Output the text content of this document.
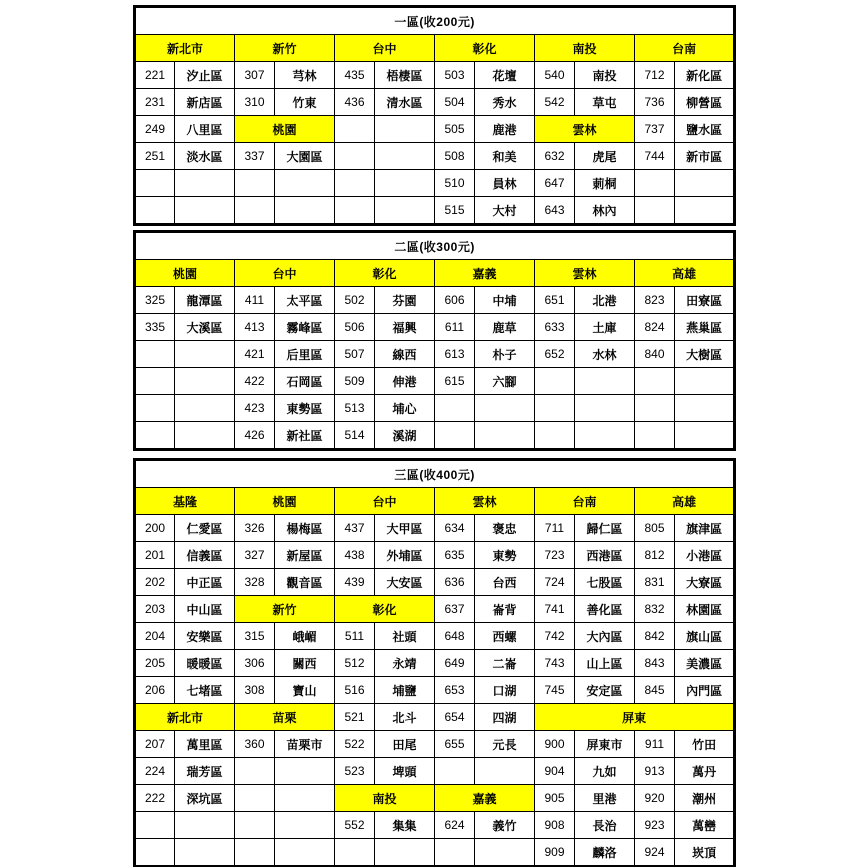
一區(收200元)											
新北市		新竹		台中		彰化		南投		台南	
221	汐止區	307	芎林	435	梧棲區	503	花壇	540	南投	712	新化區
231	新店區	310	竹東	436	清水區	504	秀水	542	草屯	736	柳營區
249	八里區	桃園				505	鹿港	雲林		737	鹽水區
251	淡水區	337	大園區			508	和美	632	虎尾	744	新市區
						510	員林	647	莿桐		
						515	大村	643	林內		
二區(收300元)											
桃園		台中		彰化		嘉義		雲林		高雄	
325	龍潭區	411	太平區	502	芬園	606	中埔	651	北港	823	田寮區
335	大溪區	413	霧峰區	506	福興	611	鹿草	633	土庫	824	燕巢區
		421	后里區	507	線西	613	朴子	652	水林	840	大樹區
		422	石岡區	509	伸港	615	六腳				
		423	東勢區	513	埔心						
		426	新社區	514	溪湖						
三區(收400元)											
基隆		桃園		台中		雲林		台南		高雄	
200	仁愛區	326	楊梅區	437	大甲區	634	褒忠	711	歸仁區	805	旗津區
201	信義區	327	新屋區	438	外埔區	635	東勢	723	西港區	812	小港區
202	中正區	328	觀音區	439	大安區	636	台西	724	七股區	831	大寮區
203	中山區	新竹		彰化		637	崙背	741	善化區	832	林園區
204	安樂區	315	峨嵋	511	社頭	648	西螺	742	大內區	842	旗山區
205	暖暖區	306	關西	512	永靖	649	二崙	743	山上區	843	美濃區
206	七堵區	308	寶山	516	埔鹽	653	口湖	745	安定區	845	內門區
新北市		苗栗		521	北斗	654	四湖	屏東			
207	萬里區	360	苗栗市	522	田尾	655	元長	900	屏東市	911	竹田
224	瑞芳區			523	埤頭			904	九如	913	萬丹
222	深坑區			南投		嘉義		905	里港	920	潮州
				552	集集	624	義竹	908	長治	923	萬巒
								909	麟洛	924	崁頂
